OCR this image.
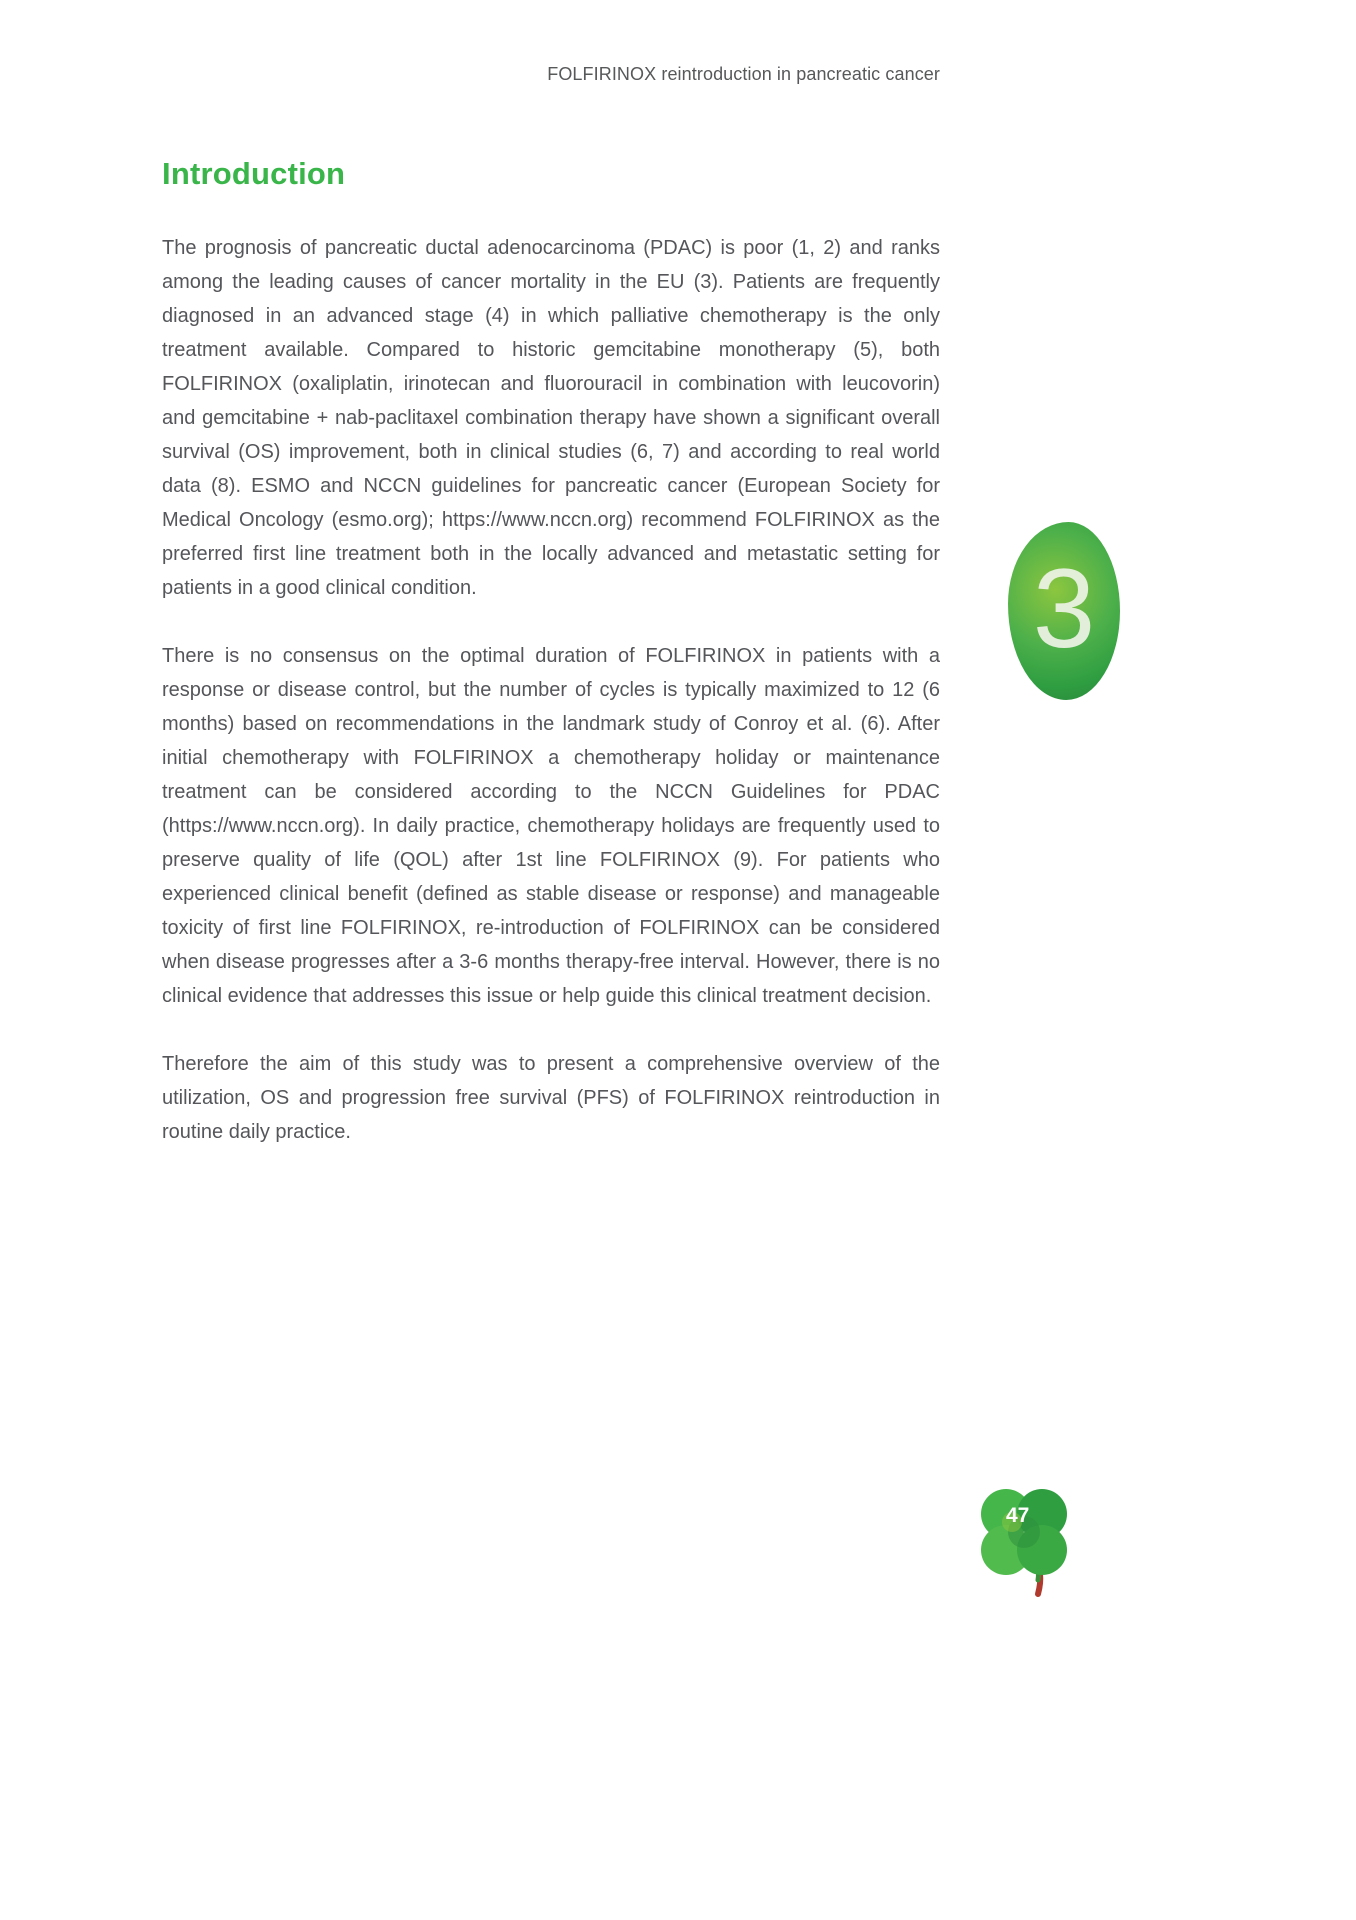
FOLFIRINOX reintroduction in pancreatic cancer
Introduction

The prognosis of pancreatic ductal adenocarcinoma (PDAC) is poor (1, 2) and ranks among the leading causes of cancer mortality in the EU (3). Patients are frequently diagnosed in an advanced stage (4) in which palliative chemotherapy is the only treatment available. Compared to historic gemcitabine monotherapy (5), both FOLFIRINOX (oxaliplatin, irinotecan and fluorouracil in combination with leucovorin) and gemcitabine + nab-paclitaxel combination therapy have shown a significant overall survival (OS) improvement, both in clinical studies (6, 7) and according to real world data (8). ESMO and NCCN guidelines for pancreatic cancer (European Society for Medical Oncology (esmo.org); https://www.nccn.org) recommend FOLFIRINOX as the preferred first line treatment both in the locally advanced and metastatic setting for patients in a good clinical condition.

There is no consensus on the optimal duration of FOLFIRINOX in patients with a response or disease control, but the number of cycles is typically maximized to 12 (6 months) based on recommendations in the landmark study of Conroy et al. (6). After initial chemotherapy with FOLFIRINOX a chemotherapy holiday or maintenance treatment can be considered according to the NCCN Guidelines for PDAC (https://www.nccn.org). In daily practice, chemotherapy holidays are frequently used to preserve quality of life (QOL) after 1st line FOLFIRINOX (9). For patients who experienced clinical benefit (defined as stable disease or response) and manageable toxicity of first line FOLFIRINOX, re-introduction of FOLFIRINOX can be considered when disease progresses after a 3-6 months therapy-free interval. However, there is no clinical evidence that addresses this issue or help guide this clinical treatment decision.

Therefore the aim of this study was to present a comprehensive overview of the utilization, OS and progression free survival (PFS) of FOLFIRINOX reintroduction in routine daily practice.

3
47
